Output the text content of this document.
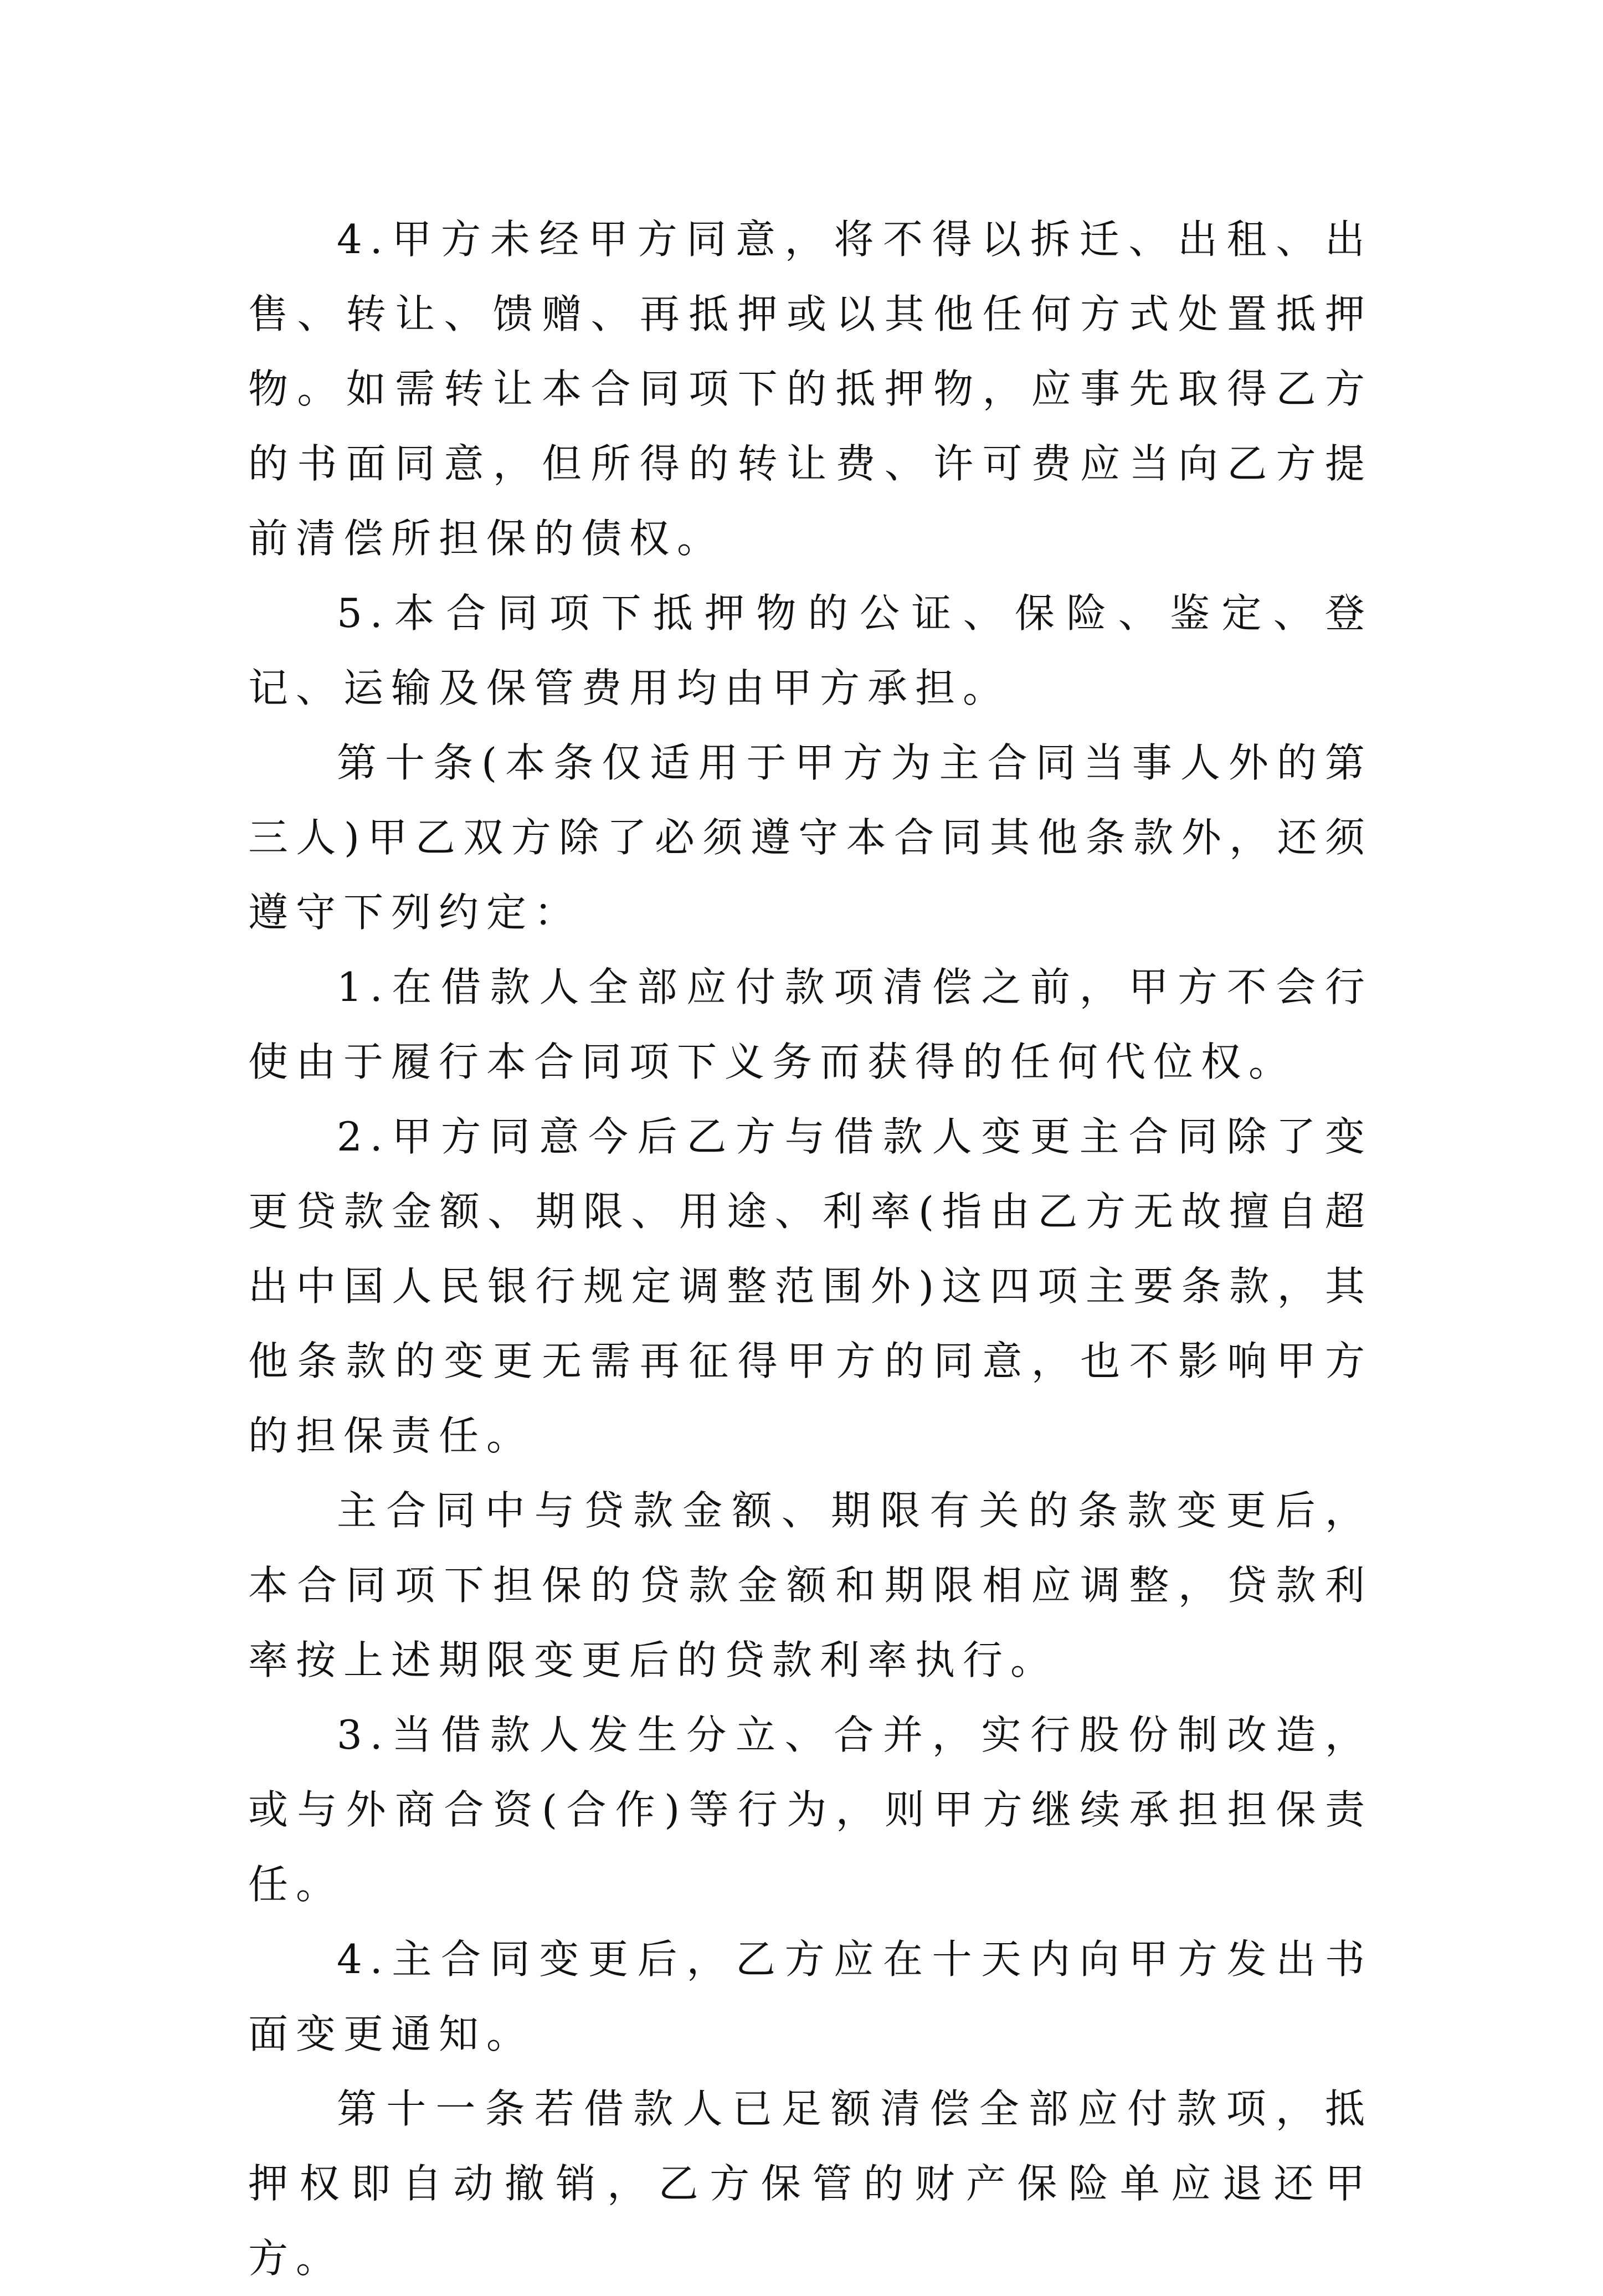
4.甲方未经甲方同意，将不得以拆迁、出租、出售、转让、馈赠、再抵押或以其他任何方式处置抵押物。如需转让本合同项下的抵押物，应事先取得乙方的书面同意，但所得的转让费、许可费应当向乙方提前清偿所担保的债权。

5.本合同项下抵押物的公证、保险、鉴定、登记、运输及保管费用均由甲方承担。

第十条(本条仅适用于甲方为主合同当事人外的第三人)甲乙双方除了必须遵守本合同其他条款外，还须遵守下列约定：

1.在借款人全部应付款项清偿之前，甲方不会行使由于履行本合同项下义务而获得的任何代位权。

2.甲方同意今后乙方与借款人变更主合同除了变更贷款金额、期限、用途、利率(指由乙方无故擅自超出中国人民银行规定调整范围外)这四项主要条款，其他条款的变更无需再征得甲方的同意，也不影响甲方的担保责任。

主合同中与贷款金额、期限有关的条款变更后，本合同项下担保的贷款金额和期限相应调整，贷款利率按上述期限变更后的贷款利率执行。

3.当借款人发生分立、合并，实行股份制改造，或与外商合资(合作)等行为，则甲方继续承担担保责任。

4.主合同变更后，乙方应在十天内向甲方发出书面变更通知。

第十一条若借款人已足额清偿全部应付款项，抵押权即自动撤销，乙方保管的财产保险单应退还甲方。
